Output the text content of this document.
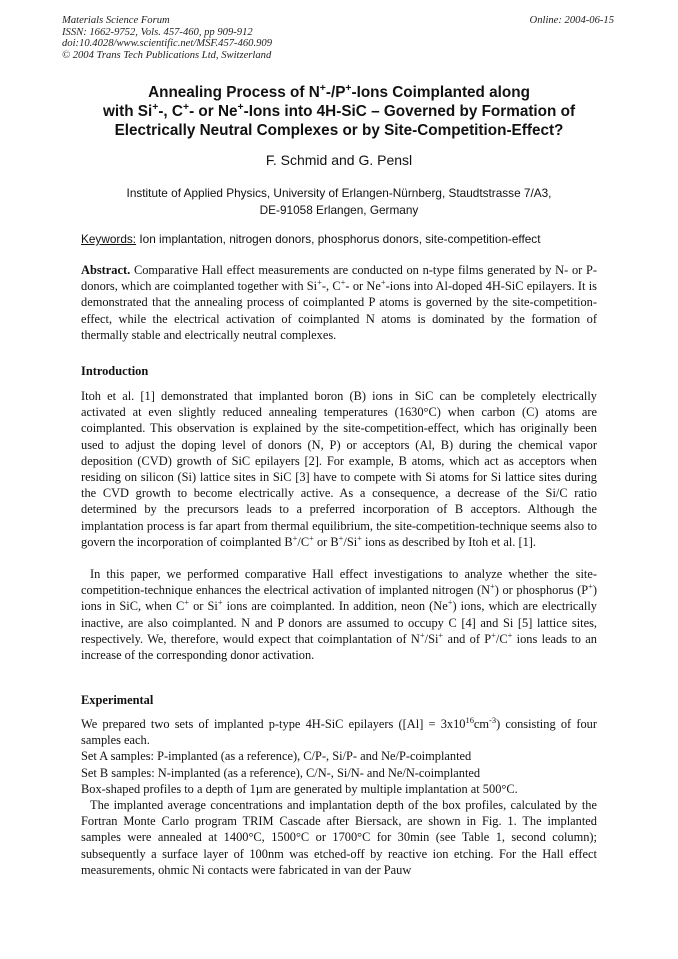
Materials Science Forum
ISSN: 1662-9752, Vols. 457-460, pp 909-912
doi:10.4028/www.scientific.net/MSF.457-460.909
© 2004 Trans Tech Publications Ltd, Switzerland
Online: 2004-06-15
Annealing Process of N+-/P+-Ions Coimplanted along
with Si+-, C+- or Ne+-Ions into 4H-SiC – Governed by Formation of
Electrically Neutral Complexes or by Site-Competition-Effect?
F. Schmid and G. Pensl
Institute of Applied Physics, University of Erlangen-Nürnberg, Staudtstrasse 7/A3,
DE-91058 Erlangen, Germany
Keywords: Ion implantation, nitrogen donors, phosphorus donors, site-competition-effect
Abstract. Comparative Hall effect measurements are conducted on n-type films generated by N- or P-donors, which are coimplanted together with Si+-, C+- or Ne+-ions into Al-doped 4H-SiC epilayers. It is demonstrated that the annealing process of coimplanted P atoms is governed by the site-competition-effect, while the electrical activation of coimplanted N atoms is dominated by the formation of thermally stable and electrically neutral complexes.
Introduction
Itoh et al. [1] demonstrated that implanted boron (B) ions in SiC can be completely electrically activated at even slightly reduced annealing temperatures (1630°C) when carbon (C) atoms are coimplanted. This observation is explained by the site-competition-effect, which has originally been used to adjust the doping level of donors (N, P) or acceptors (Al, B) during the chemical vapor deposition (CVD) growth of SiC epilayers [2]. For example, B atoms, which act as acceptors when residing on silicon (Si) lattice sites in SiC [3] have to compete with Si atoms for Si lattice sites during the CVD growth to become electrically active. As a consequence, a decrease of the Si/C ratio determined by the precursors leads to a preferred incorporation of B acceptors. Although the implantation process is far apart from thermal equilibrium, the site-competition-technique seems also to govern the incorporation of coimplanted B+/C+ or B+/Si+ ions as described by Itoh et al. [1].
In this paper, we performed comparative Hall effect investigations to analyze whether the site-competition-technique enhances the electrical activation of implanted nitrogen (N+) or phosphorus (P+) ions in SiC, when C+ or Si+ ions are coimplanted. In addition, neon (Ne+) ions, which are electrically inactive, are also coimplanted. N and P donors are assumed to occupy C [4] and Si [5] lattice sites, respectively. We, therefore, would expect that coimplantation of N+/Si+ and of P+/C+ ions leads to an increase of the corresponding donor activation.
Experimental
We prepared two sets of implanted p-type 4H-SiC epilayers $([Al] = 3x10^{16}cm^{-3})$ consisting of four samples each.
Set A samples: P-implanted (as a reference), C/P-, Si/P- and Ne/P-coimplanted
Set B samples: N-implanted (as a reference), C/N-, Si/N- and Ne/N-coimplanted
Box-shaped profiles to a depth of 1µm are generated by multiple implantation at 500°C.
The implanted average concentrations and implantation depth of the box profiles, calculated by the Fortran Monte Carlo program TRIM Cascade after Biersack, are shown in Fig. 1. The implanted samples were annealed at 1400°C, 1500°C or 1700°C for 30min (see Table 1, second column); subsequently a surface layer of 100nm was etched-off by reactive ion etching. For the Hall effect measurements, ohmic Ni contacts were fabricated in van der Pauw
